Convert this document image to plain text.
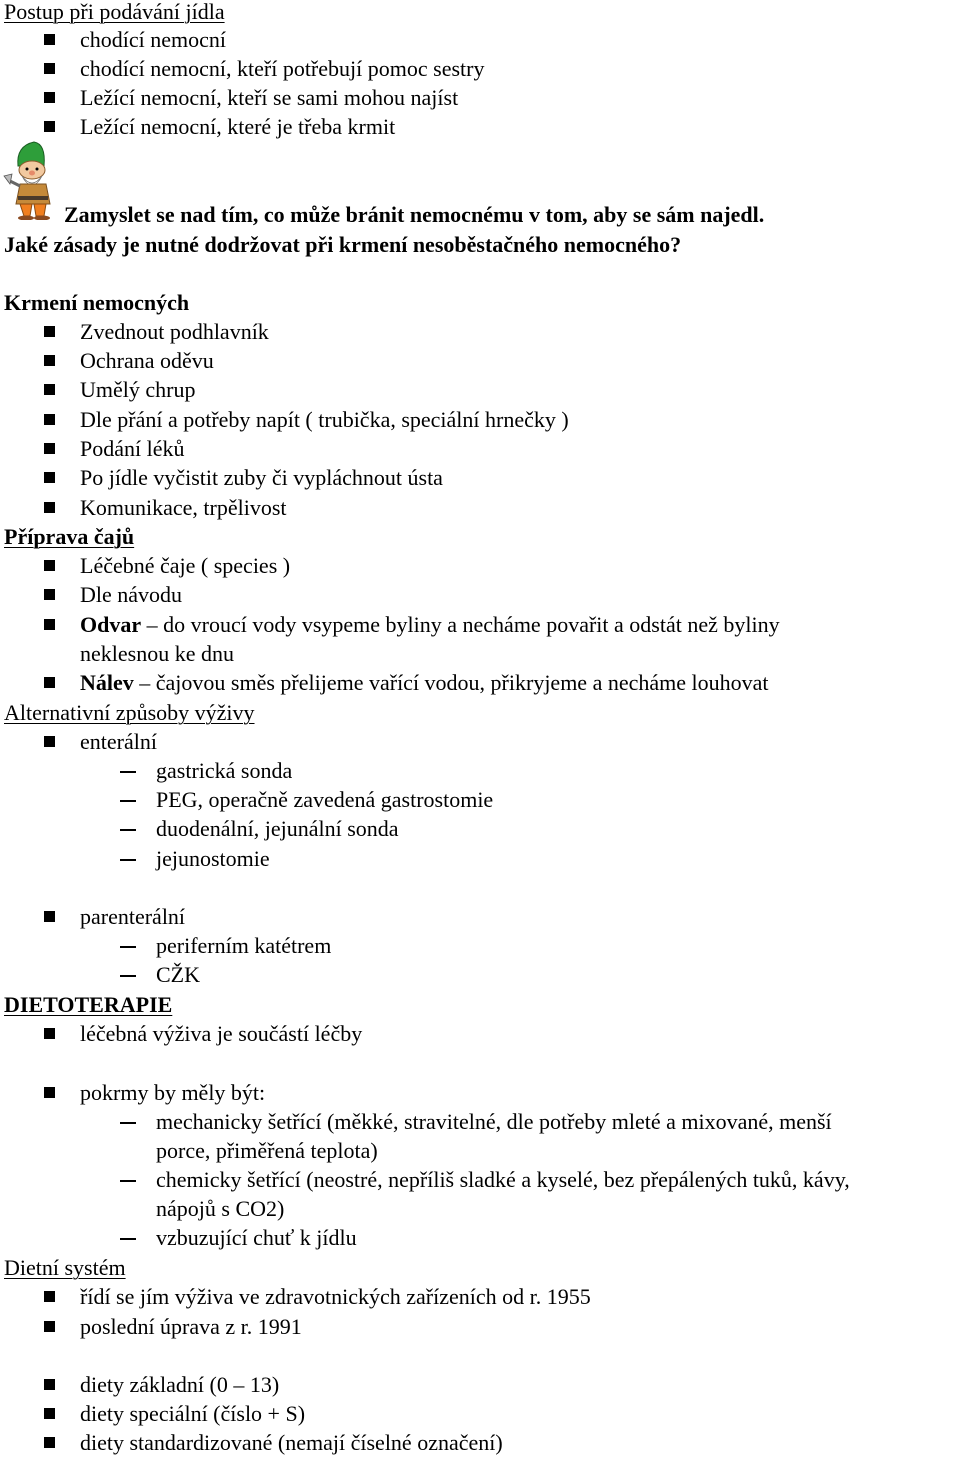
Postup při podávání jídla
chodící nemocní
chodící nemocní, kteří potřebují pomoc sestry
Ležící nemocní, kteří se sami mohou najíst
Ležící nemocní, které je třeba krmit
Zamyslet se nad tím, co může bránit nemocnému v tom, aby se sám najedl.
Jaké zásady je nutné dodržovat při krmení nesoběstačného nemocného?
Krmení nemocných
Zvednout podhlavník
Ochrana oděvu
Umělý chrup
Dle přání a potřeby napít ( trubička, speciální hrnečky )
Podání léků
Po jídle vyčistit zuby či vypláchnout ústa
Komunikace, trpělivost
Příprava čajů
Léčebné čaje ( species )
Dle návodu
Odvar – do vroucí vody vsypeme byliny a necháme povařit a odstát než byliny
neklesnou ke dnu
Nálev – čajovou směs přelijeme vařící vodou, přikryjeme a necháme louhovat
Alternativní způsoby výživy
enterální
gastrická sonda
PEG, operačně zavedená gastrostomie
duodenální, jejunální sonda
jejunostomie
parenterální
periferním katétrem
CŽK
DIETOTERAPIE
léčebná výživa je součástí léčby
pokrmy by měly být:
mechanicky šetřící (měkké, stravitelné, dle potřeby mleté a mixované, menší
porce, přiměřená teplota)
chemicky šetřící (neostré, nepříliš sladké a kyselé, bez přepálených tuků, kávy,
nápojů s CO2)
vzbuzující chuť k jídlu
Dietní systém
řídí se jím výživa ve zdravotnických zařízeních od r. 1955
poslední úprava z r. 1991
diety základní (0 – 13)
diety speciální (číslo + S)
diety standardizované (nemají číselné označení)
